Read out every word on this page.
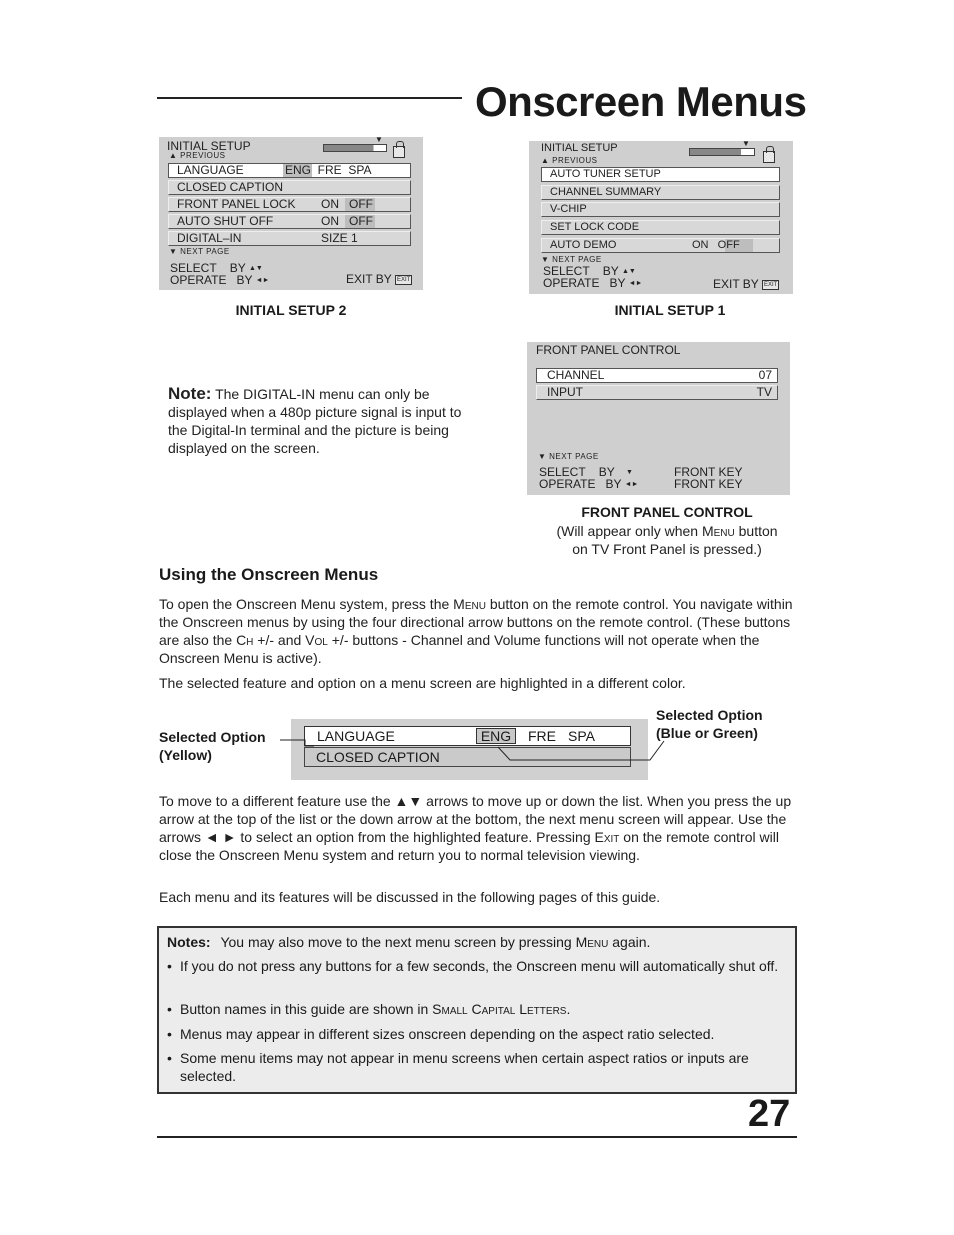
Onscreen Menus
INITIAL SETUP
▲ PREVIOUS
▼
LANGUAGE	ENG  FRE  SPA
CLOSED CAPTION
FRONT PANEL LOCK ON   OFF
AUTO SHUT OFF	ON   OFF
DIGITAL–IN	SIZE 1
▼ NEXT PAGE
SELECT    BY ▲▼
OPERATE   BY ◄►	EXIT BY EXIT
INITIAL SETUP 2
INITIAL SETUP
▲ PREVIOUS
▼
AUTO TUNER SETUP
CHANNEL SUMMARY
V-CHIP
SET LOCK CODE
AUTO DEMO	ON   OFF
▼ NEXT PAGE
SELECT    BY ▲▼
OPERATE   BY ◄►	EXIT BY EXIT
INITIAL SETUP 1
Note: The DIGITAL-IN menu can only be displayed when a 480p picture signal is input to the Digital-In terminal and the picture is being displayed on the screen.
FRONT PANEL CONTROL
CHANNEL	07
INPUT	TV
▼ NEXT PAGE
SELECT    BY ▼
OPERATE   BY ◄►
FRONT KEY
FRONT KEY
FRONT PANEL CONTROL
(Will appear only when Menu button
on TV Front Panel is pressed.)
Using the Onscreen Menus
To open the Onscreen Menu system, press the Menu button on the remote control. You navigate within the Onscreen menus by using the four directional arrow buttons on the remote control. (These buttons are also the Ch +/- and Vol +/- buttons - Channel and Volume functions will not operate when the Onscreen Menu is active).
The selected feature and option on a menu screen are highlighted in a different color.
Selected Option
(Yellow)
Selected Option
(Blue or Green)
LANGUAGE	ENG	FRE SPA
CLOSED CAPTION
To move to a different feature use the ▲▼ arrows to move up or down the list. When you press the up arrow at the top of the list or the down arrow at the bottom, the next menu screen will appear. Use the arrows ◄ ► to select an option from the highlighted feature. Pressing Exit on the remote control will close the Onscreen Menu system and return you to normal television viewing.
Each menu and its features will be discussed in the following pages of this guide.
Notes: You may also move to the next menu screen by pressing Menu again.
• If you do not press any buttons for a few seconds, the Onscreen menu will automatically shut off.
• Button names in this guide are shown in Small Capital Letters.
• Menus may appear in different sizes onscreen depending on the aspect ratio selected.
• Some menu items may not appear in menu screens when certain aspect ratios or inputs are selected.
27
